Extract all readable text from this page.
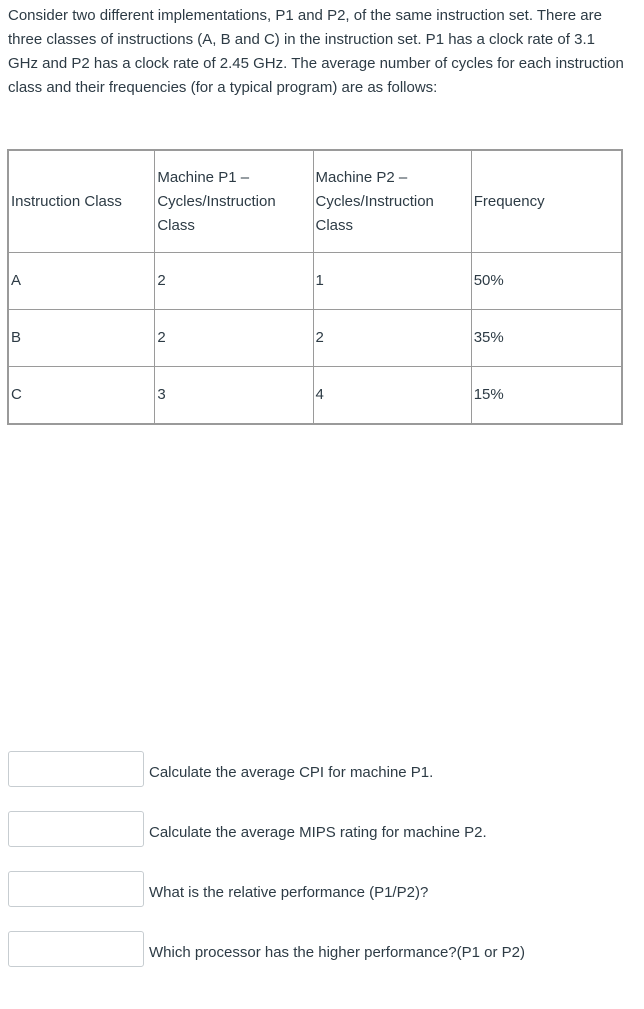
Consider two different implementations, P1 and P2, of the same instruction set. There are three classes of instructions (A, B and C) in the instruction set. P1 has a clock rate of 3.1 GHz and P2 has a clock rate of 2.45 GHz. The average number of cycles for each instruction class and their frequencies (for a typical program) are as follows:

Instruction Class	Machine P1 – Cycles/Instruction Class	Machine P2 – Cycles/Instruction Class	Frequency
A	2	1	50%
B	2	2	35%
C	3	4	15%
Calculate the average CPI for machine P1.
Calculate the average MIPS rating for machine P2.
What is the relative performance (P1/P2)?
Which processor has the higher performance?(P1 or P2)
